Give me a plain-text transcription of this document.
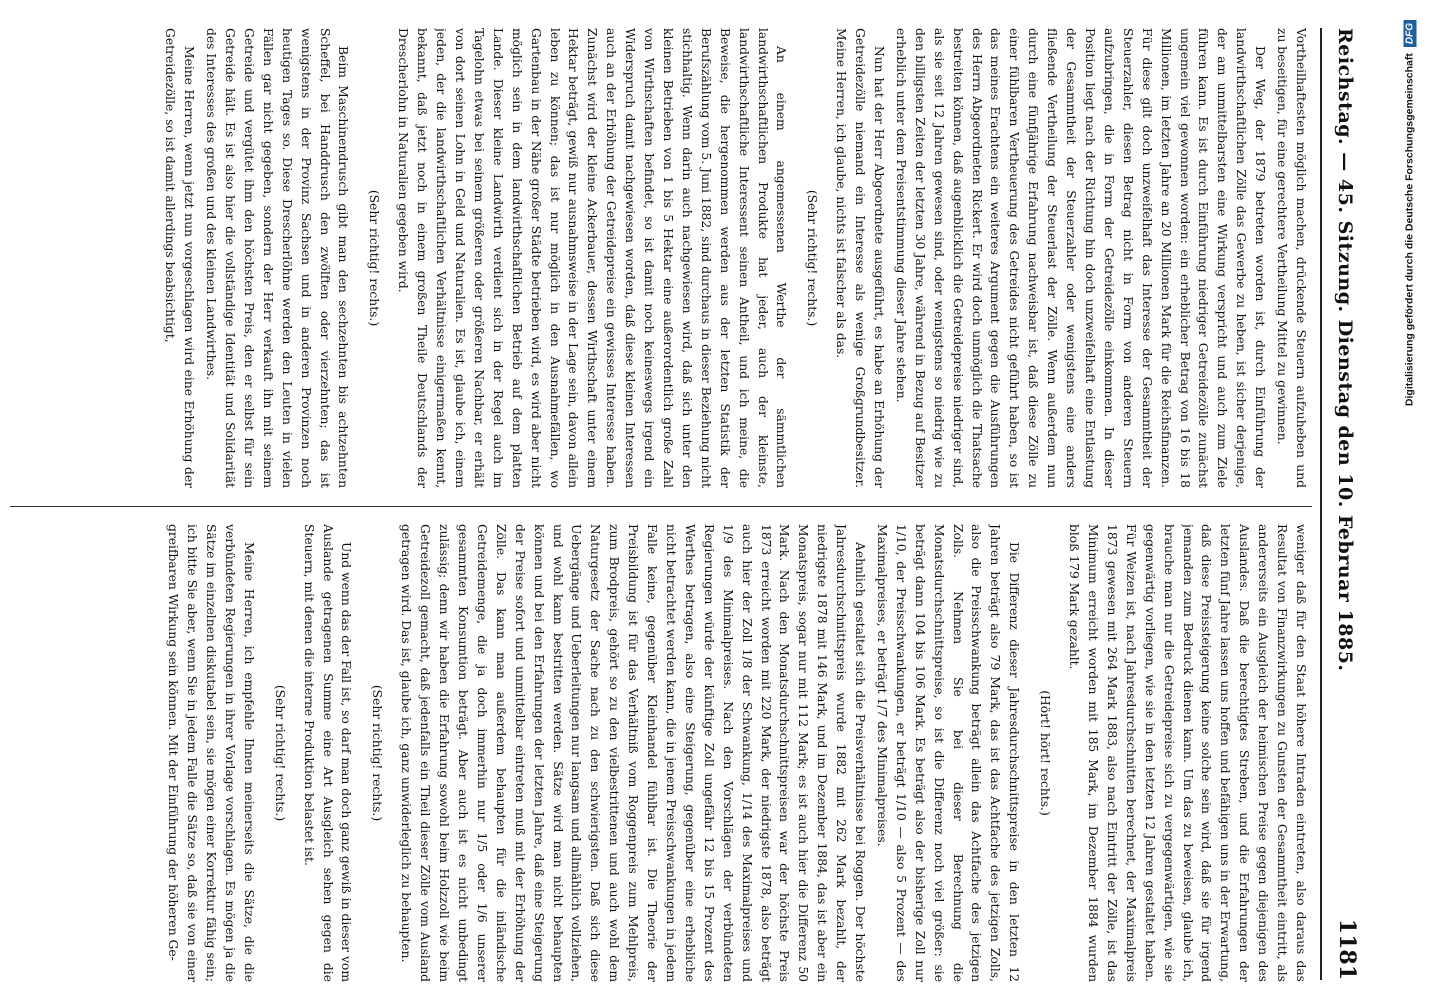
Reichstag. — 45. Sitzung. Dienstag den 10. Februar 1885.
1181

Vortheilhaftesten möglich machen, drückende Steuern aufzuheben und zu beseitigen, für eine gerechtere Vertheilung Mittel zu gewinnen.

Der Weg, der 1879 betreten worden ist, durch Einführung der landwirthschaftlichen Zölle das Gewerbe zu heben, ist sicher derjenige, der am unmittelbarsten eine Wirkung verspricht und auch zum Ziele führen kann. Es ist durch Einführung niedriger Getreidezölle zunächst ungemein viel gewonnen worden: ein erheblicher Betrag von 16 bis 18 Millionen, im letzten Jahre an 20 Millionen Mark für die Reichsfinanzen. Für diese gilt doch unzweifelhaft das Interesse der Gesammtheit der Steuerzahler, diesen Betrag nicht in Form von anderen Steuern aufzubringen, die in Form der Getreidezölle einkommen. In dieser Position liegt nach der Richtung hin doch unzweifelhaft eine Entlastung der Gesammtheit der Steuerzahler oder wenigstens eine anders fließende Vertheilung der Steuerlast der Zölle. Wenn außerdem nun durch eine fünfjährige Erfahrung nachweisbar ist, daß diese Zölle zu einer fühlbaren Vertheuerung des Getreides nicht geführt haben, so ist das meines Erachtens ein weiteres Argument gegen die Ausführungen des Herrn Abgeordneten Rickert. Er wird doch unmöglich die Thatsache bestreiten können, daß augenblicklich die Getreidepreise niedriger sind, als sie seit 12 Jahren gewesen sind, oder wenigstens so niedrig wie zu den billigsten Zeiten der letzten 30 Jahre, während in Bezug auf Besitzer erheblich unter dem Preisentstimmung dieser Jahre stehen.

Nun hat der Herr Abgeordnete ausgeführt, es habe an Erhöhung der Getreidezölle niemand ein Interesse als wenige Großgrundbesitzer. Meine Herren, ich glaube, nichts ist falscher als das.

(Sehr richtig! rechts.)

An einem angemessenen Werthe der sämmtlichen landwirthschaftlichen Produkte hat jeder, auch der kleinste, landwirthschaftliche Interessent seinen Antheil, und ich meine, die Beweise, die hergenommen werden aus der letzten Statistik der Berufszählung vom 5. Juni 1882, sind durchaus in dieser Beziehung nicht stichhaltig. Wenn darin auch nachgewiesen wird, daß sich unter den kleinen Betrieben von 1 bis 5 Hektar eine außerordentlich große Zahl von Wirthschaften befindet, so ist damit noch keineswegs irgend ein Widerspruch damit nachgewiesen worden, daß diese kleinen Interessen auch an der Erhöhung der Getreidepreise ein gewisses Interesse haben. Zunächst wird der kleine Ackerbauer, dessen Wirthschaft unter einem Hektar beträgt, gewiß nur ausnahmsweise in der Lage sein, davon allein leben zu können; das ist nur möglich in den Ausnahmefällen, wo Gartenbau in der Nähe großer Städte betrieben wird, es wird aber nicht möglich sein in dem landwirthschaftlichen Betrieb auf dem platten Lande. Dieser kleine Landwirth verdient sich in der Regel auch im Tagelohn etwas bei seinem größeren oder größeren Nachbar, er erhält von dort seinen Lohn in Geld und Naturalien. Es ist, glaube ich, einem jeden, der die landwirthschaftlichen Verhältnisse einigermaßen kennt, bekannt, daß jetzt noch in einem großen Theile Deutschlands der Drescherlohn in Naturalien gegeben wird.

(Sehr richtig! rechts.)

Beim Maschinendrusch gibt man den sechzehnten bis achtzehnten Scheffel, bei Handdrusch den zwölften oder vierzehnten; das ist wenigstens in der Provinz Sachsen und in anderen Provinzen noch heutigen Tages so. Diese Drescherlöhne werden den Leuten in vielen Fällen gar nicht gegeben, sondern der Herr verkauft ihn mit seinem Getreide und vergütet ihm den höchsten Preis, den er selbst für sein Getreide hält. Es ist also hier die vollständige Identität und Solidarität des Interesses des großen und des kleinen Landwirthes.

Meine Herren, wenn jetzt nun vorgeschlagen wird eine Erhöhung der Getreidezölle, so ist damit allerdings beabsichtigt,

weniger daß für den Staat höhere Intraden eintreten, also daraus das Resultat von Finanzwirkungen zu Gunsten der Gesammtheit eintritt, als andererseits ein Ausgleich der heimischen Preise gegen diejenigen des Auslandes. Daß die berechtigtes Streben, und die Erfahrungen der letzten fünf Jahre lassen uns hoffen und befähigen uns in der Erwartung, daß diese Preissteigerung keine solche sein wird, daß sie für irgend jemanden zum Bedruck dienen kann. Um das zu beweisen, glaube ich, brauche man nur die Getreidepreise sich zu vergegenwärtigen, wie sie gegenwärtig vorliegen, wie sie in den letzten 12 Jahren gestaltet haben. Für Weizen ist, nach Jahresdurchschnitten berechnet, der Maximalpreis 1873 gewesen mit 264 Mark 1883, also nach Eintritt der Zölle, ist das Minimum erreicht worden mit 185 Mark, im Dezember 1884 wurden bloß 179 Mark gezahlt.

(Hört! hört! rechts.)

Die Differenz dieser Jahresdurchschnittspreise in den letzten 12 Jahren beträgt also 79 Mark, das ist das Achtfache des jetzigen Zolls, also die Preisschwankung beträgt allein das Achtfache des jetzigen Zolls. Nehmen Sie bei dieser Berechnung die Monatsdurchschnittspreise, so ist die Differenz noch viel größer: sie beträgt dann 104 bis 106 Mark. Es beträgt also der bisherige Zoll nur 1/10, der Preisschwankungen, er beträgt 1/10 — also 5 Prozent — des Maximalpreises, er beträgt 1/7 des Minimalpreises.

Aehnlich gestaltet sich die Preisverhältnisse bei Roggen. Der höchste Jahresdurchschnittspreis wurde 1882 mit 262 Mark bezahlt, der niedrigste 1878 mit 146 Mark, und im Dezember 1884, das ist aber ein Monatspreis, sogar nur mit 112 Mark; es ist auch hier die Differenz 50 Mark. Nach den Monatsdurchschnittspreisen war der höchste Preis 1873 erreicht worden mit 220 Mark, der niedrigste 1878, also beträgt auch hier der Zoll 1/8 der Schwankung, 1/14 des Maximalpreises und 1/9 des Minimalpreises. Nach den Vorschlägen der verbündeten Regierungen würde der künftige Zoll ungefähr 12 bis 15 Prozent des Werthes betragen, also eine Steigerung, gegenüber eine erhebliche nicht betrachtet werden kann, die in jenem Preisschwankungen in jedem Falle keine, gegenüber Kleinhandel fühlbar ist. Die Theorie der Preisbildung ist für das Verhältniß vom Roggenpreis zum Mehlpreis, zum Brodpreis, gehört so zu den vielbestrittenen und auch wohl dem Naturgesetz der Sache nach zu den schwierigsten. Daß sich diese Uebergänge und Ueberleitungen nur langsam und allmählich vollziehen, und wohl kann bestritten werden. Sätze wird man nicht behaupten können und bei den Erfahrungen der letzten Jahre, daß eine Steigerung der Preise sofort und unmittelbar eintreten muß mit der Erhöhung der Zölle. Das kann man außerdem behaupten für die inländische Getreidemenge, die ja doch immerhin nur 1/5 oder 1/6 unserer gesammten Konsumtion beträgt. Aber auch ist es nicht unbedingt zulässig; denn wir haben die Erfahrung sowohl beim Holzzoll wie beim Getreidezoll gemacht, daß jedenfalls ein Theil dieser Zölle vom Ausland getragen wird. Das ist, glaube ich, ganz unwiderleglich zu behaupten.

(Sehr richtig! rechts.)

Und wenn das der Fall ist, so darf man doch ganz gewiß in dieser vom Auslande getragenen Summe eine Art Ausgleich sehen gegen die Steuern, mit denen die interne Produktion belastet ist.

(Sehr richtig! rechts.)

Meine Herren, ich empfehle Ihnen meinerseits die Sätze, die die verbündeten Regierungen in ihrer Vorlage vorschlagen. Es mögen ja die Sätze im einzelnen diskutabel sein, sie mögen einer Korrektur fähig sein; ich bitte Sie aber, wenn Sie in jedem Falle die Sätze so, daß sie von einer greifbaren Wirkung sein können. Mit der Einführung der höheren Ge-

Digitalisierung gefördert durch die Deutsche ForschungsgemeinschaftDFG
